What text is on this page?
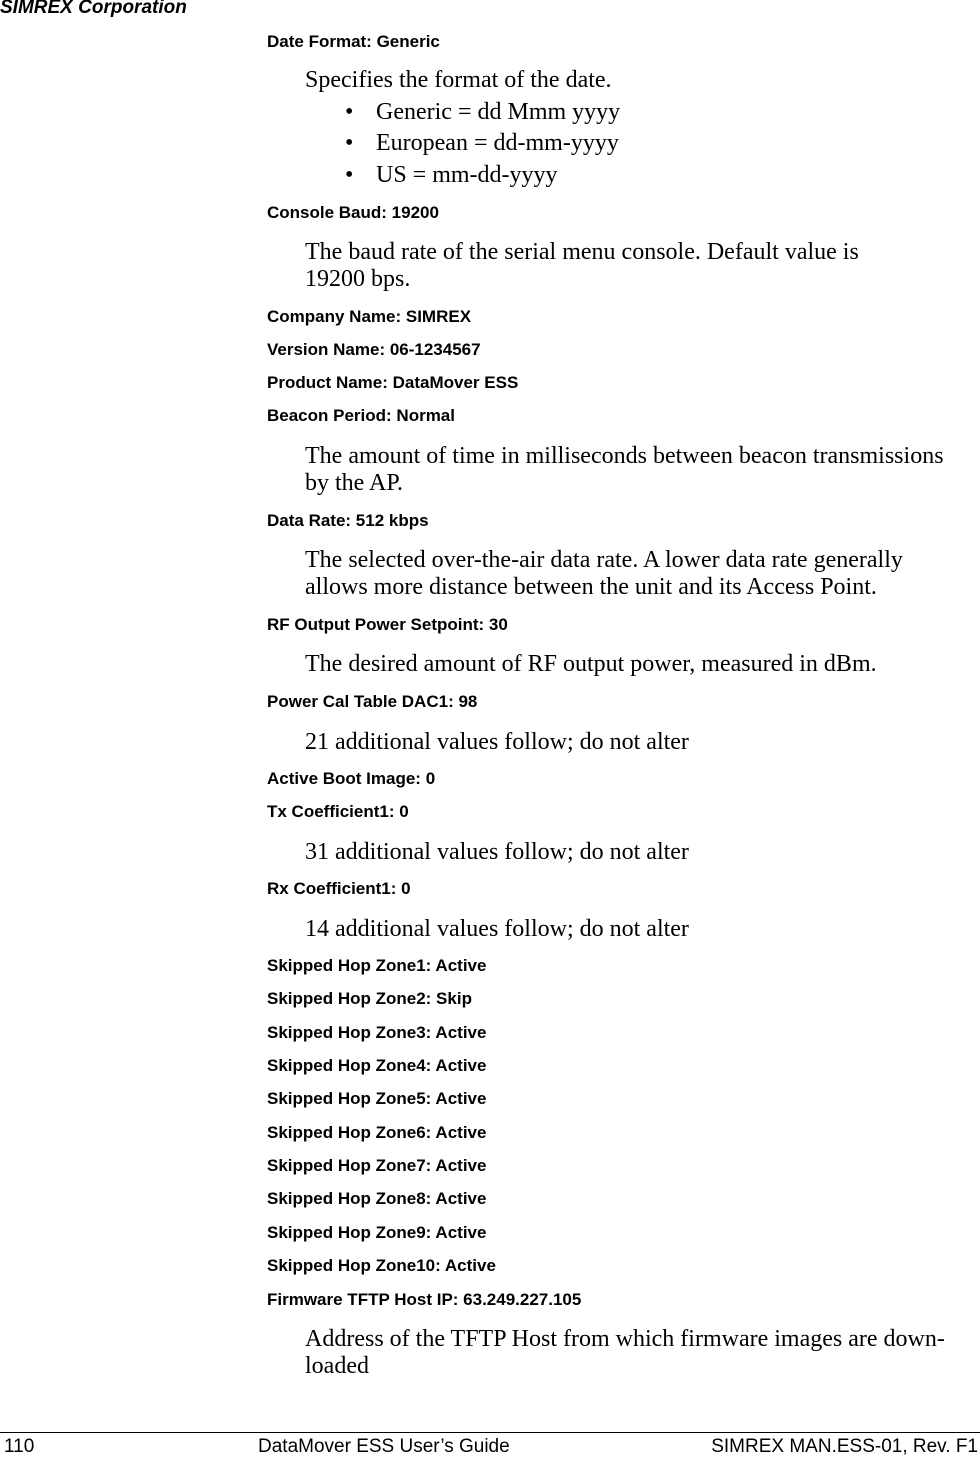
SIMREX Corporation
Date Format: Generic
Specifies the format of the date.
• Generic = dd Mmm yyyy
• European = dd-mm-yyyy
• US = mm-dd-yyyy
Console Baud: 19200
The baud rate of the serial menu console. Default value is
19200 bps.
Company Name: SIMREX
Version Name: 06-1234567
Product Name: DataMover ESS
Beacon Period: Normal
The amount of time in milliseconds between beacon transmissions
by the AP.
Data Rate: 512 kbps
The selected over-the-air data rate. A lower data rate generally
allows more distance between the unit and its Access Point.
RF Output Power Setpoint: 30
The desired amount of RF output power, measured in dBm.
Power Cal Table DAC1: 98
21 additional values follow; do not alter
Active Boot Image: 0
Tx Coefficient1: 0
31 additional values follow; do not alter
Rx Coefficient1: 0
14 additional values follow; do not alter
Skipped Hop Zone1: Active
Skipped Hop Zone2: Skip
Skipped Hop Zone3: Active
Skipped Hop Zone4: Active
Skipped Hop Zone5: Active
Skipped Hop Zone6: Active
Skipped Hop Zone7: Active
Skipped Hop Zone8: Active
Skipped Hop Zone9: Active
Skipped Hop Zone10: Active
Firmware TFTP Host IP: 63.249.227.105
Address of the TFTP Host from which firmware images are down-
loaded
110	DataMover ESS User’s Guide	SIMREX MAN.ESS-01, Rev. F1
